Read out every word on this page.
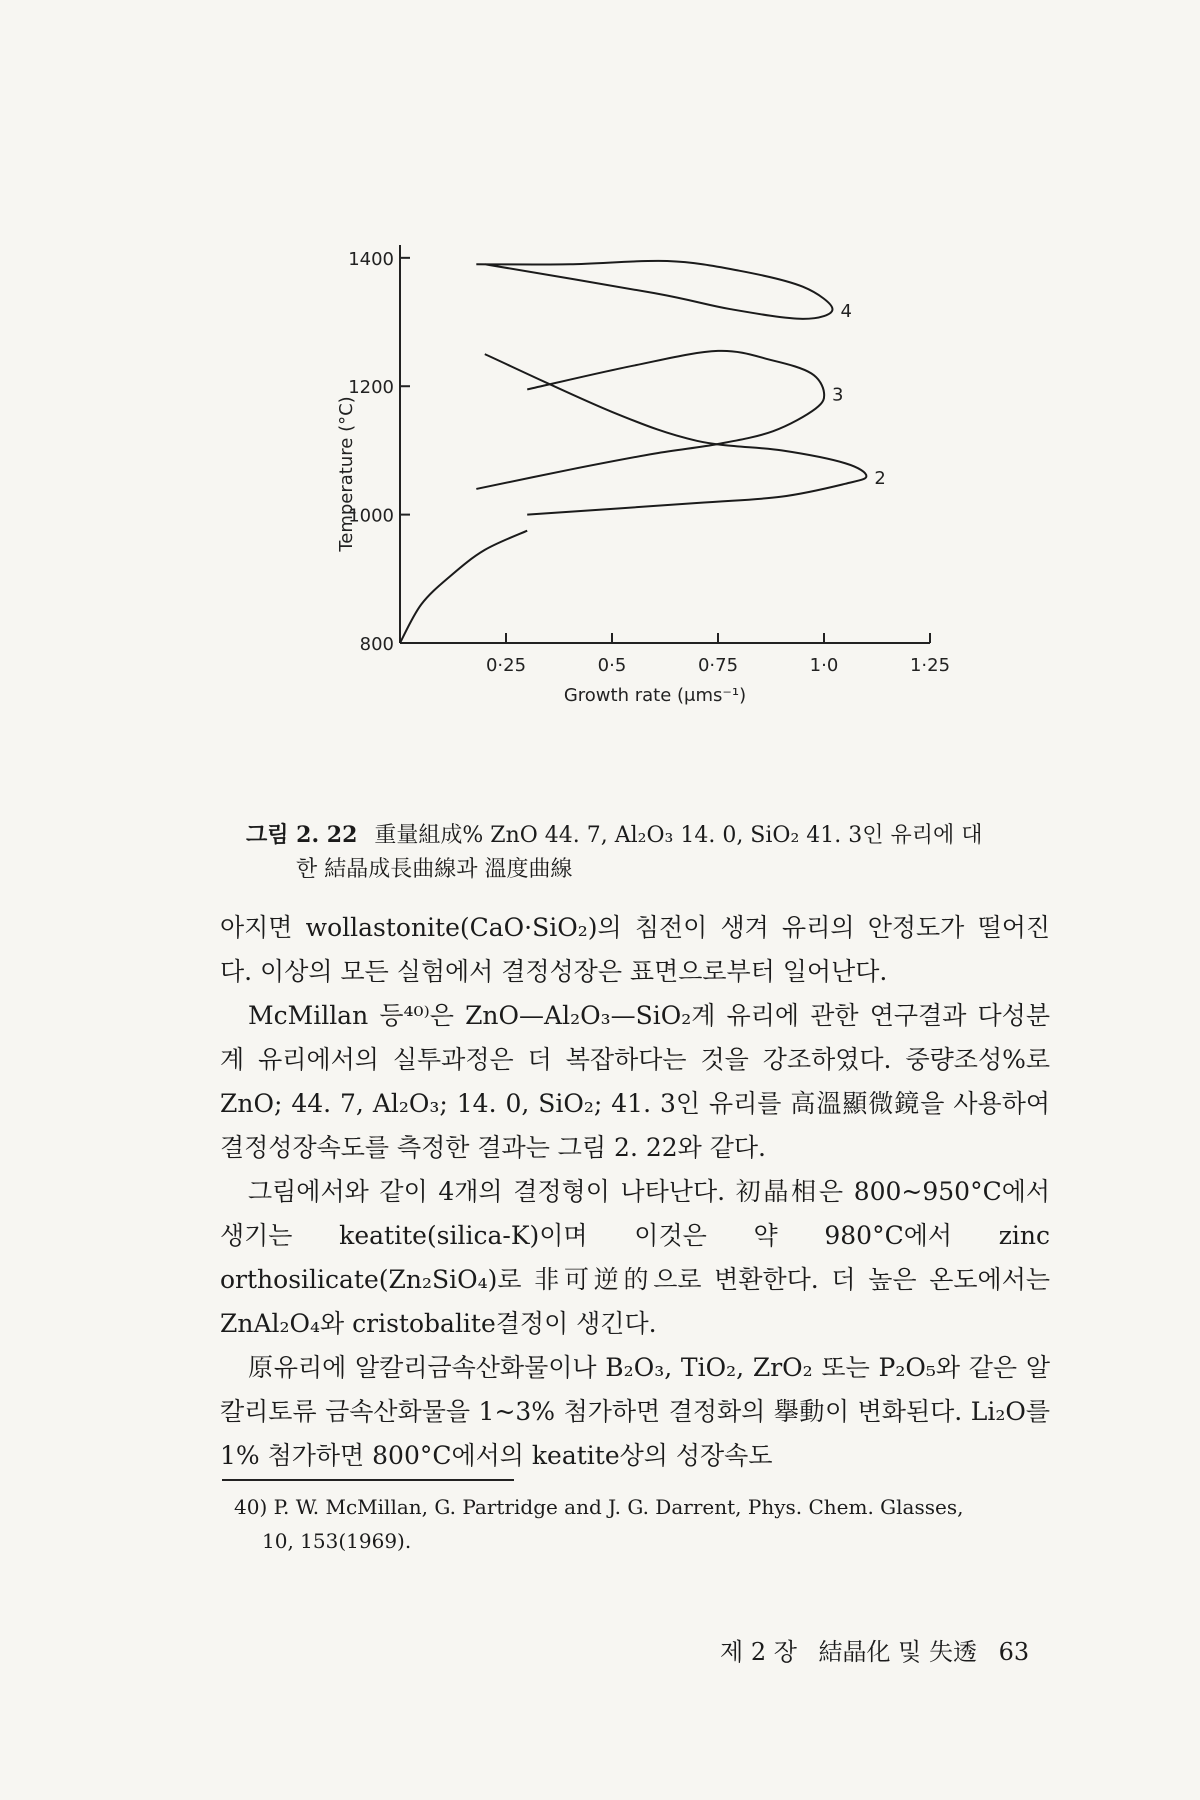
800
1000
1200
1400
0·25	0·5	0·75	1·0	1·25
Growth rate (μms⁻¹)
Temperature (°C)	2
3
4
그림 2. 22 重量組成% ZnO 44. 7, Al₂O₃ 14. 0, SiO₂ 41. 3인 유리에 대
한 結晶成長曲線과 溫度曲線

아지면 wollastonite(CaO·SiO₂)의 침전이 생겨 유리의 안정도가 떨어진다. 이상의 모든 실험에서 결정성장은 표면으로부터 일어난다.

McMillan 등⁴⁰⁾은 ZnO—Al₂O₃—SiO₂계 유리에 관한 연구결과 다성분계 유리에서의 실투과정은 더 복잡하다는 것을 강조하였다. 중량조성%로 ZnO; 44. 7, Al₂O₃; 14. 0, SiO₂; 41. 3인 유리를 高溫顯微鏡을 사용하여 결정성장속도를 측정한 결과는 그림 2. 22와 같다.

그림에서와 같이 4개의 결정형이 나타난다. 初晶相은 800~950°C에서 생기는 keatite(silica-K)이며 이것은 약 980°C에서 zinc orthosilicate(Zn₂SiO₄)로 非可逆的으로 변환한다. 더 높은 온도에서는 ZnAl₂O₄와 cristobalite결정이 생긴다.

原유리에 알칼리금속산화물이나 B₂O₃, TiO₂, ZrO₂ 또는 P₂O₅와 같은 알칼리토류 금속산화물을 1~3% 첨가하면 결정화의 擧動이 변화된다. Li₂O를 1% 첨가하면 800°C에서의 keatite상의 성장속도

40) P. W. McMillan, G. Partridge and J. G. Darrent, Phys. Chem. Glasses,
10, 153(1969).
제 2 장 結晶化 및 失透 63
